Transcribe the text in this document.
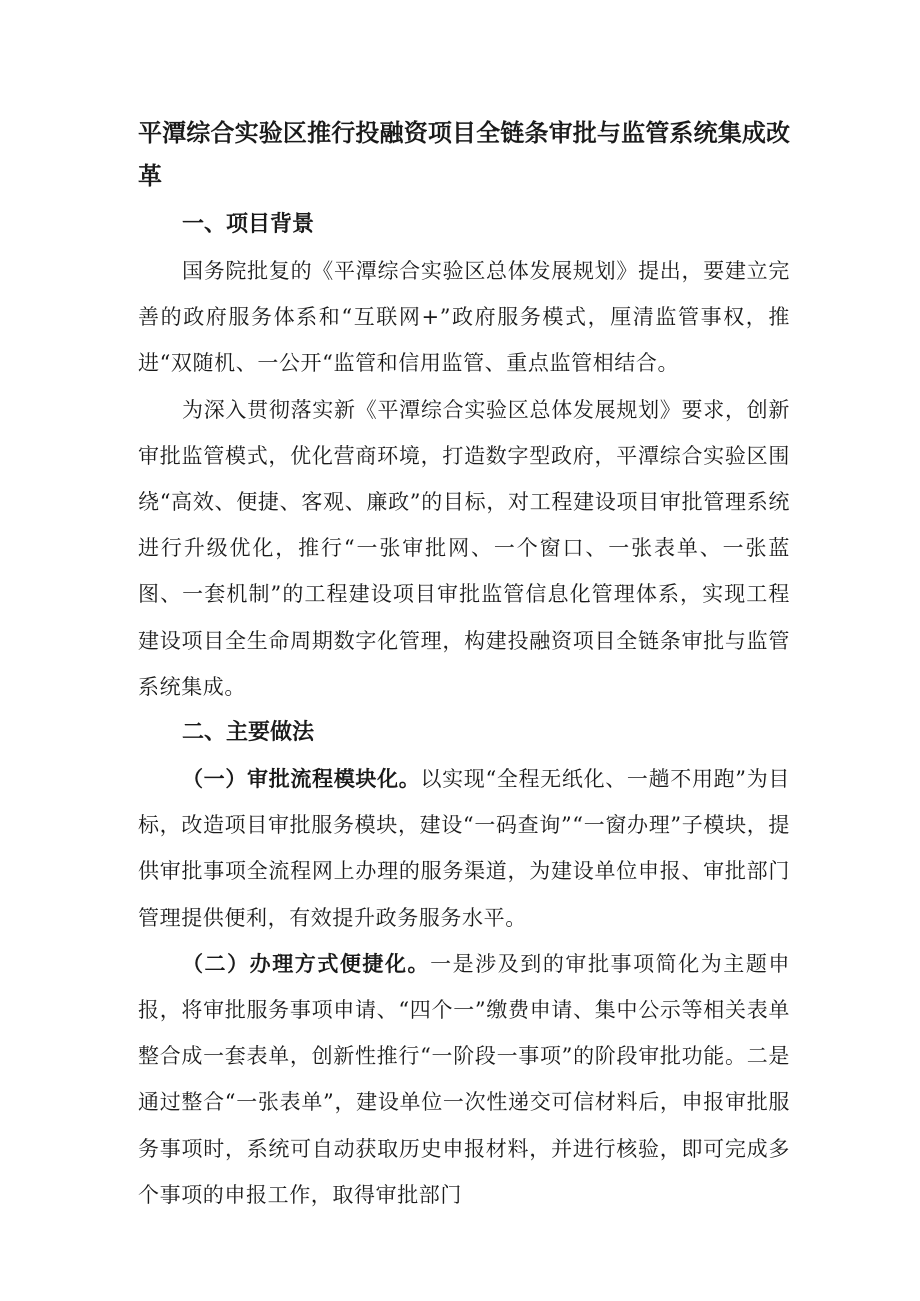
平潭综合实验区推行投融资项目全链条审批与监管系统集成改革
一、项目背景

国务院批复的《平潭综合实验区总体发展规划》提出，要建立完善的政府服务体系和“互联网+”政府服务模式，厘清监管事权，推进“双随机、一公开“监管和信用监管、重点监管相结合。

为深入贯彻落实新《平潭综合实验区总体发展规划》要求，创新审批监管模式，优化营商环境，打造数字型政府，平潭综合实验区围绕“高效、便捷、客观、廉政”的目标，对工程建设项目审批管理系统进行升级优化，推行“一张审批网、一个窗口、一张表单、一张蓝图、一套机制”的工程建设项目审批监管信息化管理体系，实现工程建设项目全生命周期数字化管理，构建投融资项目全链条审批与监管系统集成。

二、主要做法

（一）审批流程模块化。以实现“全程无纸化、一趟不用跑”为目标，改造项目审批服务模块，建设“一码查询”“一窗办理”子模块，提供审批事项全流程网上办理的服务渠道，为建设单位申报、审批部门管理提供便利，有效提升政务服务水平。

（二）办理方式便捷化。一是涉及到的审批事项简化为主题申报，将审批服务事项申请、“四个一”缴费申请、集中公示等相关表单整合成一套表单，创新性推行“一阶段一事项”的阶段审批功能。二是通过整合“一张表单”，建设单位一次性递交可信材料后，申报审批服务事项时，系统可自动获取历史申报材料，并进行核验，即可完成多个事项的申报工作，取得审批部门
